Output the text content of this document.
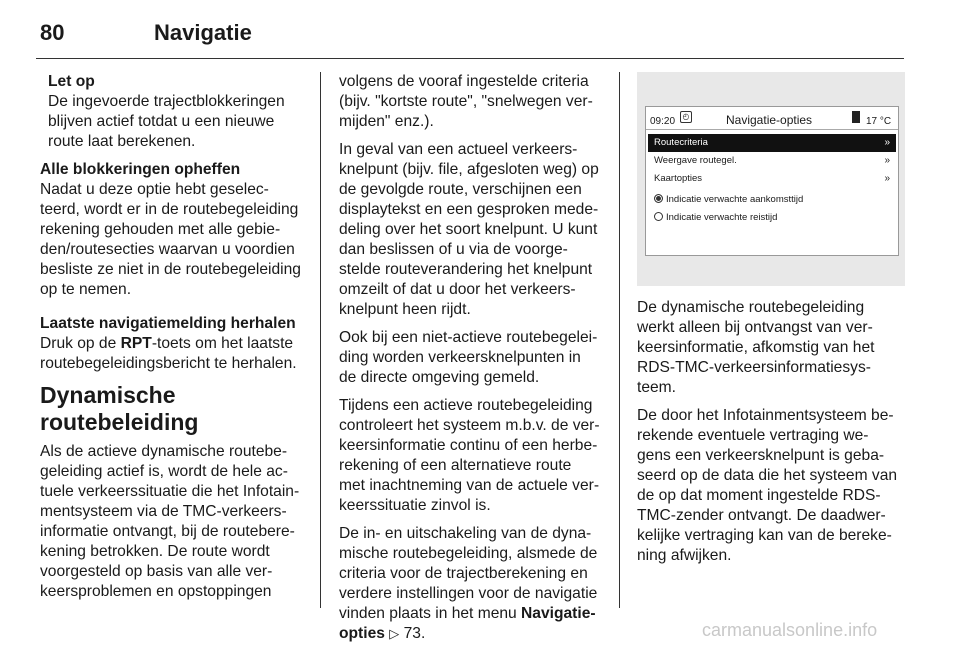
80	Navigatie
Let op
De ingevoerde trajectblokkeringen
blijven actief totdat u een nieuwe
route laat berekenen.

Alle blokkeringen opheffen
Nadat u deze optie hebt geselec-
teerd, wordt er in de routebegeleiding
rekening gehouden met alle gebie-
den/routesecties waarvan u voordien
besliste ze niet in de routebegeleiding
op te nemen.

Laatste navigatiemelding herhalen
Druk op de RPT-toets om het laatste
routebegeleidingsbericht te herhalen.

Dynamische
routebeleiding

Als de actieve dynamische routebe-
geleiding actief is, wordt de hele ac-
tuele verkeerssituatie die het Infotain-
mentsysteem via de TMC-verkeers-
informatie ontvangt, bij de routebere-
kening betrokken. De route wordt
voorgesteld op basis van alle ver-
keersproblemen en opstoppingen

volgens de vooraf ingestelde criteria
(bijv. "kortste route", "snelwegen ver-
mijden" enz.).

In geval van een actueel verkeers-
knelpunt (bijv. file, afgesloten weg) op
de gevolgde route, verschijnen een
displaytekst en een gesproken mede-
deling over het soort knelpunt. U kunt
dan beslissen of u via de voorge-
stelde routeverandering het knelpunt
omzeilt of dat u door het verkeers-
knelpunt heen rijdt.

Ook bij een niet-actieve routebegelei-
ding worden verkeersknelpunten in
de directe omgeving gemeld.

Tijdens een actieve routebegeleiding
controleert het systeem m.b.v. de ver-
keersinformatie continu of een herbe-
rekening of een alternatieve route
met inachtneming van de actuele ver-
keerssituatie zinvol is.

De in- en uitschakeling van de dyna-
mische routebegeleiding, alsmede de
criteria voor de trajectberekening en
verdere instellingen voor de navigatie
vinden plaats in het menu Navigatie-
opties ▷ 73.

09:20 ◴	Navigatie-opties	17 °C
Routecriteria	»
Weergave routegel.	»
Kaartopties	»
Indicatie verwachte aankomsttijd
Indicatie verwachte reistijd

De dynamische routebegeleiding
werkt alleen bij ontvangst van ver-
keersinformatie, afkomstig van het
RDS-TMC-verkeersinformatiesys-
teem.

De door het Infotainmentsysteem be-
rekende eventuele vertraging we-
gens een verkeersknelpunt is geba-
seerd op de data die het systeem van
de op dat moment ingestelde RDS-
TMC-zender ontvangt. De daadwer-
kelijke vertraging kan van de bereke-
ning afwijken.

carmanualsonline.info
